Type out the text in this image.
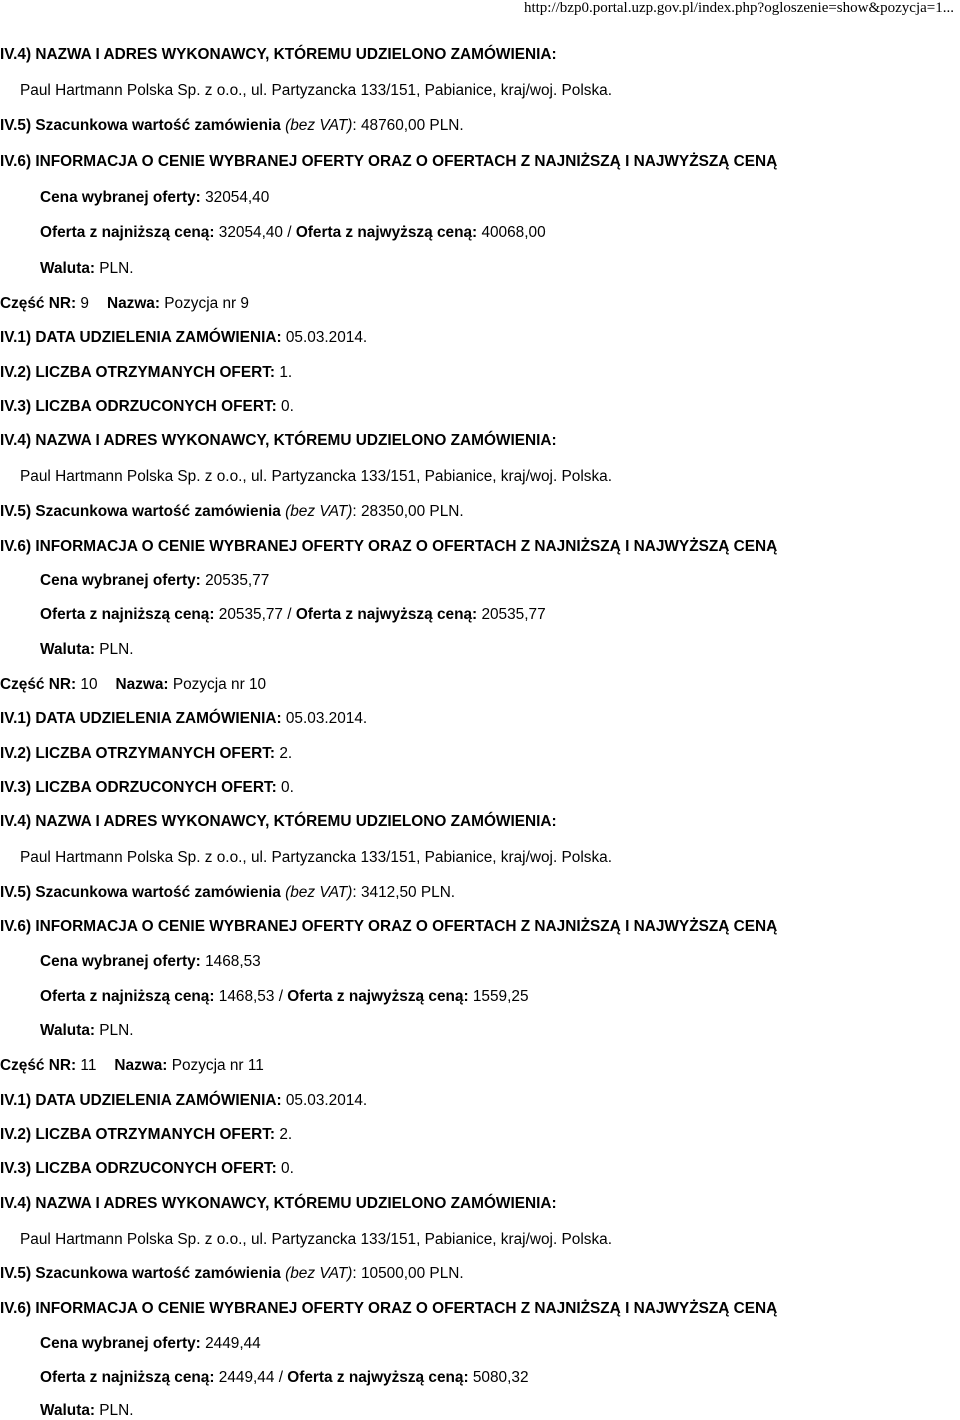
http://bzp0.portal.uzp.gov.pl/index.php?ogloszenie=show&pozycja=1...
IV.4) NAZWA I ADRES WYKONAWCY, KTÓREMU UDZIELONO ZAMÓWIENIA:
Paul Hartmann Polska Sp. z o.o., ul. Partyzancka 133/151, Pabianice, kraj/woj. Polska.
IV.5) Szacunkowa wartość zamówienia (bez VAT): 48760,00 PLN.
IV.6) INFORMACJA O CENIE WYBRANEJ OFERTY ORAZ O OFERTACH Z NAJNIŻSZĄ I NAJWYŻSZĄ CENĄ
Cena wybranej oferty: 32054,40
Oferta z najniższą ceną: 32054,40 / Oferta z najwyższą ceną: 40068,00
Waluta: PLN.
Część NR: 9 Nazwa: Pozycja nr 9
IV.1) DATA UDZIELENIA ZAMÓWIENIA: 05.03.2014.
IV.2) LICZBA OTRZYMANYCH OFERT: 1.
IV.3) LICZBA ODRZUCONYCH OFERT: 0.
IV.4) NAZWA I ADRES WYKONAWCY, KTÓREMU UDZIELONO ZAMÓWIENIA:
Paul Hartmann Polska Sp. z o.o., ul. Partyzancka 133/151, Pabianice, kraj/woj. Polska.
IV.5) Szacunkowa wartość zamówienia (bez VAT): 28350,00 PLN.
IV.6) INFORMACJA O CENIE WYBRANEJ OFERTY ORAZ O OFERTACH Z NAJNIŻSZĄ I NAJWYŻSZĄ CENĄ
Cena wybranej oferty: 20535,77
Oferta z najniższą ceną: 20535,77 / Oferta z najwyższą ceną: 20535,77
Waluta: PLN.
Część NR: 10 Nazwa: Pozycja nr 10
IV.1) DATA UDZIELENIA ZAMÓWIENIA: 05.03.2014.
IV.2) LICZBA OTRZYMANYCH OFERT: 2.
IV.3) LICZBA ODRZUCONYCH OFERT: 0.
IV.4) NAZWA I ADRES WYKONAWCY, KTÓREMU UDZIELONO ZAMÓWIENIA:
Paul Hartmann Polska Sp. z o.o., ul. Partyzancka 133/151, Pabianice, kraj/woj. Polska.
IV.5) Szacunkowa wartość zamówienia (bez VAT): 3412,50 PLN.
IV.6) INFORMACJA O CENIE WYBRANEJ OFERTY ORAZ O OFERTACH Z NAJNIŻSZĄ I NAJWYŻSZĄ CENĄ
Cena wybranej oferty: 1468,53
Oferta z najniższą ceną: 1468,53 / Oferta z najwyższą ceną: 1559,25
Waluta: PLN.
Część NR: 11 Nazwa: Pozycja nr 11
IV.1) DATA UDZIELENIA ZAMÓWIENIA: 05.03.2014.
IV.2) LICZBA OTRZYMANYCH OFERT: 2.
IV.3) LICZBA ODRZUCONYCH OFERT: 0.
IV.4) NAZWA I ADRES WYKONAWCY, KTÓREMU UDZIELONO ZAMÓWIENIA:
Paul Hartmann Polska Sp. z o.o., ul. Partyzancka 133/151, Pabianice, kraj/woj. Polska.
IV.5) Szacunkowa wartość zamówienia (bez VAT): 10500,00 PLN.
IV.6) INFORMACJA O CENIE WYBRANEJ OFERTY ORAZ O OFERTACH Z NAJNIŻSZĄ I NAJWYŻSZĄ CENĄ
Cena wybranej oferty: 2449,44
Oferta z najniższą ceną: 2449,44 / Oferta z najwyższą ceną: 5080,32
Waluta: PLN.
